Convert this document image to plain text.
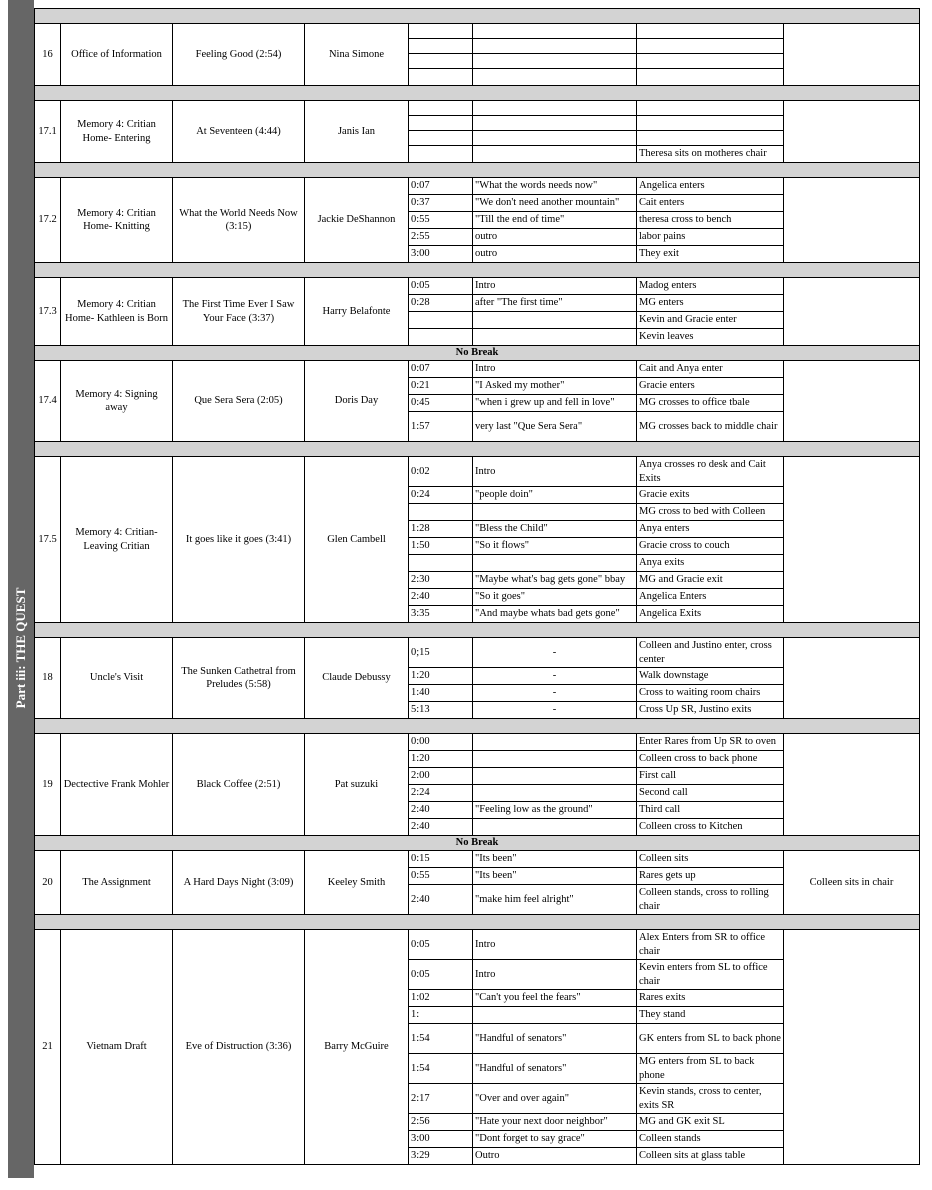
Part iii: THE QUEST

16	Office of Information	Feeling Good (2:54)	Nina Simone				

17.1	Memory 4: Critian Home- Entering	At Seventeen (4:44)	Janis Ian				

						Theresa sits on motheres chair	

17.2	Memory 4: Critian Home- Knitting	What the World Needs Now (3:15)	Jackie DeShannon	0:07	"What the words needs now"	Angelica enters	
				0:37	"We don't need another mountain"	Cait enters	
				0:55	"Till the end of time"	theresa cross to bench	
				2:55	outro	labor pains	
				3:00	outro	They exit	

17.3	Memory 4: Critian Home- Kathleen is Born	The First Time Ever I Saw Your Face (3:37)	Harry Belafonte	0:05	Intro	Madog enters	
				0:28	after "The first time"	MG enters	
						Kevin and Gracie enter	
						Kevin leaves	
No Break							
17.4	Memory 4: Signing away	Que Sera Sera (2:05)	Doris Day	0:07	Intro	Cait and Anya enter	
				0:21	"I Asked my mother"	Gracie enters	
				0:45	"when i grew up and fell in love"	MG crosses to office tbale	
				1:57	very last "Que Sera Sera"	MG crosses back to middle chair	

17.5	Memory 4: Critian-Leaving Critian	It goes like it goes (3:41)	Glen Cambell	0:02	Intro	Anya crosses ro desk and Cait Exits	
				0:24	"people doin"	Gracie exits	
						MG cross to bed with Colleen	
				1:28	"Bless the Child"	Anya enters	
				1:50	"So it flows"	Gracie cross to couch	
						Anya exits	
				2:30	"Maybe what's bag gets gone" bbay	MG and Gracie exit	
				2:40	"So it goes"	Angelica Enters	
				3:35	"And maybe whats bad gets gone"	Angelica Exits	

18	Uncle's Visit	The Sunken Cathetral from Preludes (5:58)	Claude Debussy	0;15	-	Colleen and Justino enter, cross center	
				1:20	-	Walk downstage	
				1:40	-	Cross to waiting room chairs	
				5:13	-	Cross Up SR, Justino exits	

19	Dectective Frank Mohler	Black Coffee (2:51)	Pat suzuki	0:00		Enter Rares from Up SR to oven	
				1:20		Colleen cross to back phone	
				2:00		First call	
				2:24		Second call	
				2:40	"Feeling low as the ground"	Third call	
				2:40		Colleen cross to Kitchen	
No Break							
20	The Assignment	A Hard Days Night (3:09)	Keeley Smith	0:15	"Its been"	Colleen sits	Colleen sits in chair
				0:55	"Its been"	Rares gets up	
				2:40	"make him feel alright"	Colleen stands, cross to rolling chair	

21	Vietnam Draft	Eve of Distruction (3:36)	Barry McGuire	0:05	Intro	Alex Enters from SR to office chair	
				0:05	Intro	Kevin enters from SL to office chair	
				1:02	"Can't you feel the fears"	Rares exits	
				1:		They stand	
				1:54	"Handful of senators"	GK enters from SL to back phone	
				1:54	"Handful of senators"	MG enters from SL to back phone	
				2:17	"Over and over again"	Kevin stands, cross to center, exits SR	
				2:56	"Hate your next door neighbor"	MG and GK exit SL	
				3:00	"Dont forget to say grace"	Colleen stands	
				3:29	Outro	Colleen sits at glass table	
